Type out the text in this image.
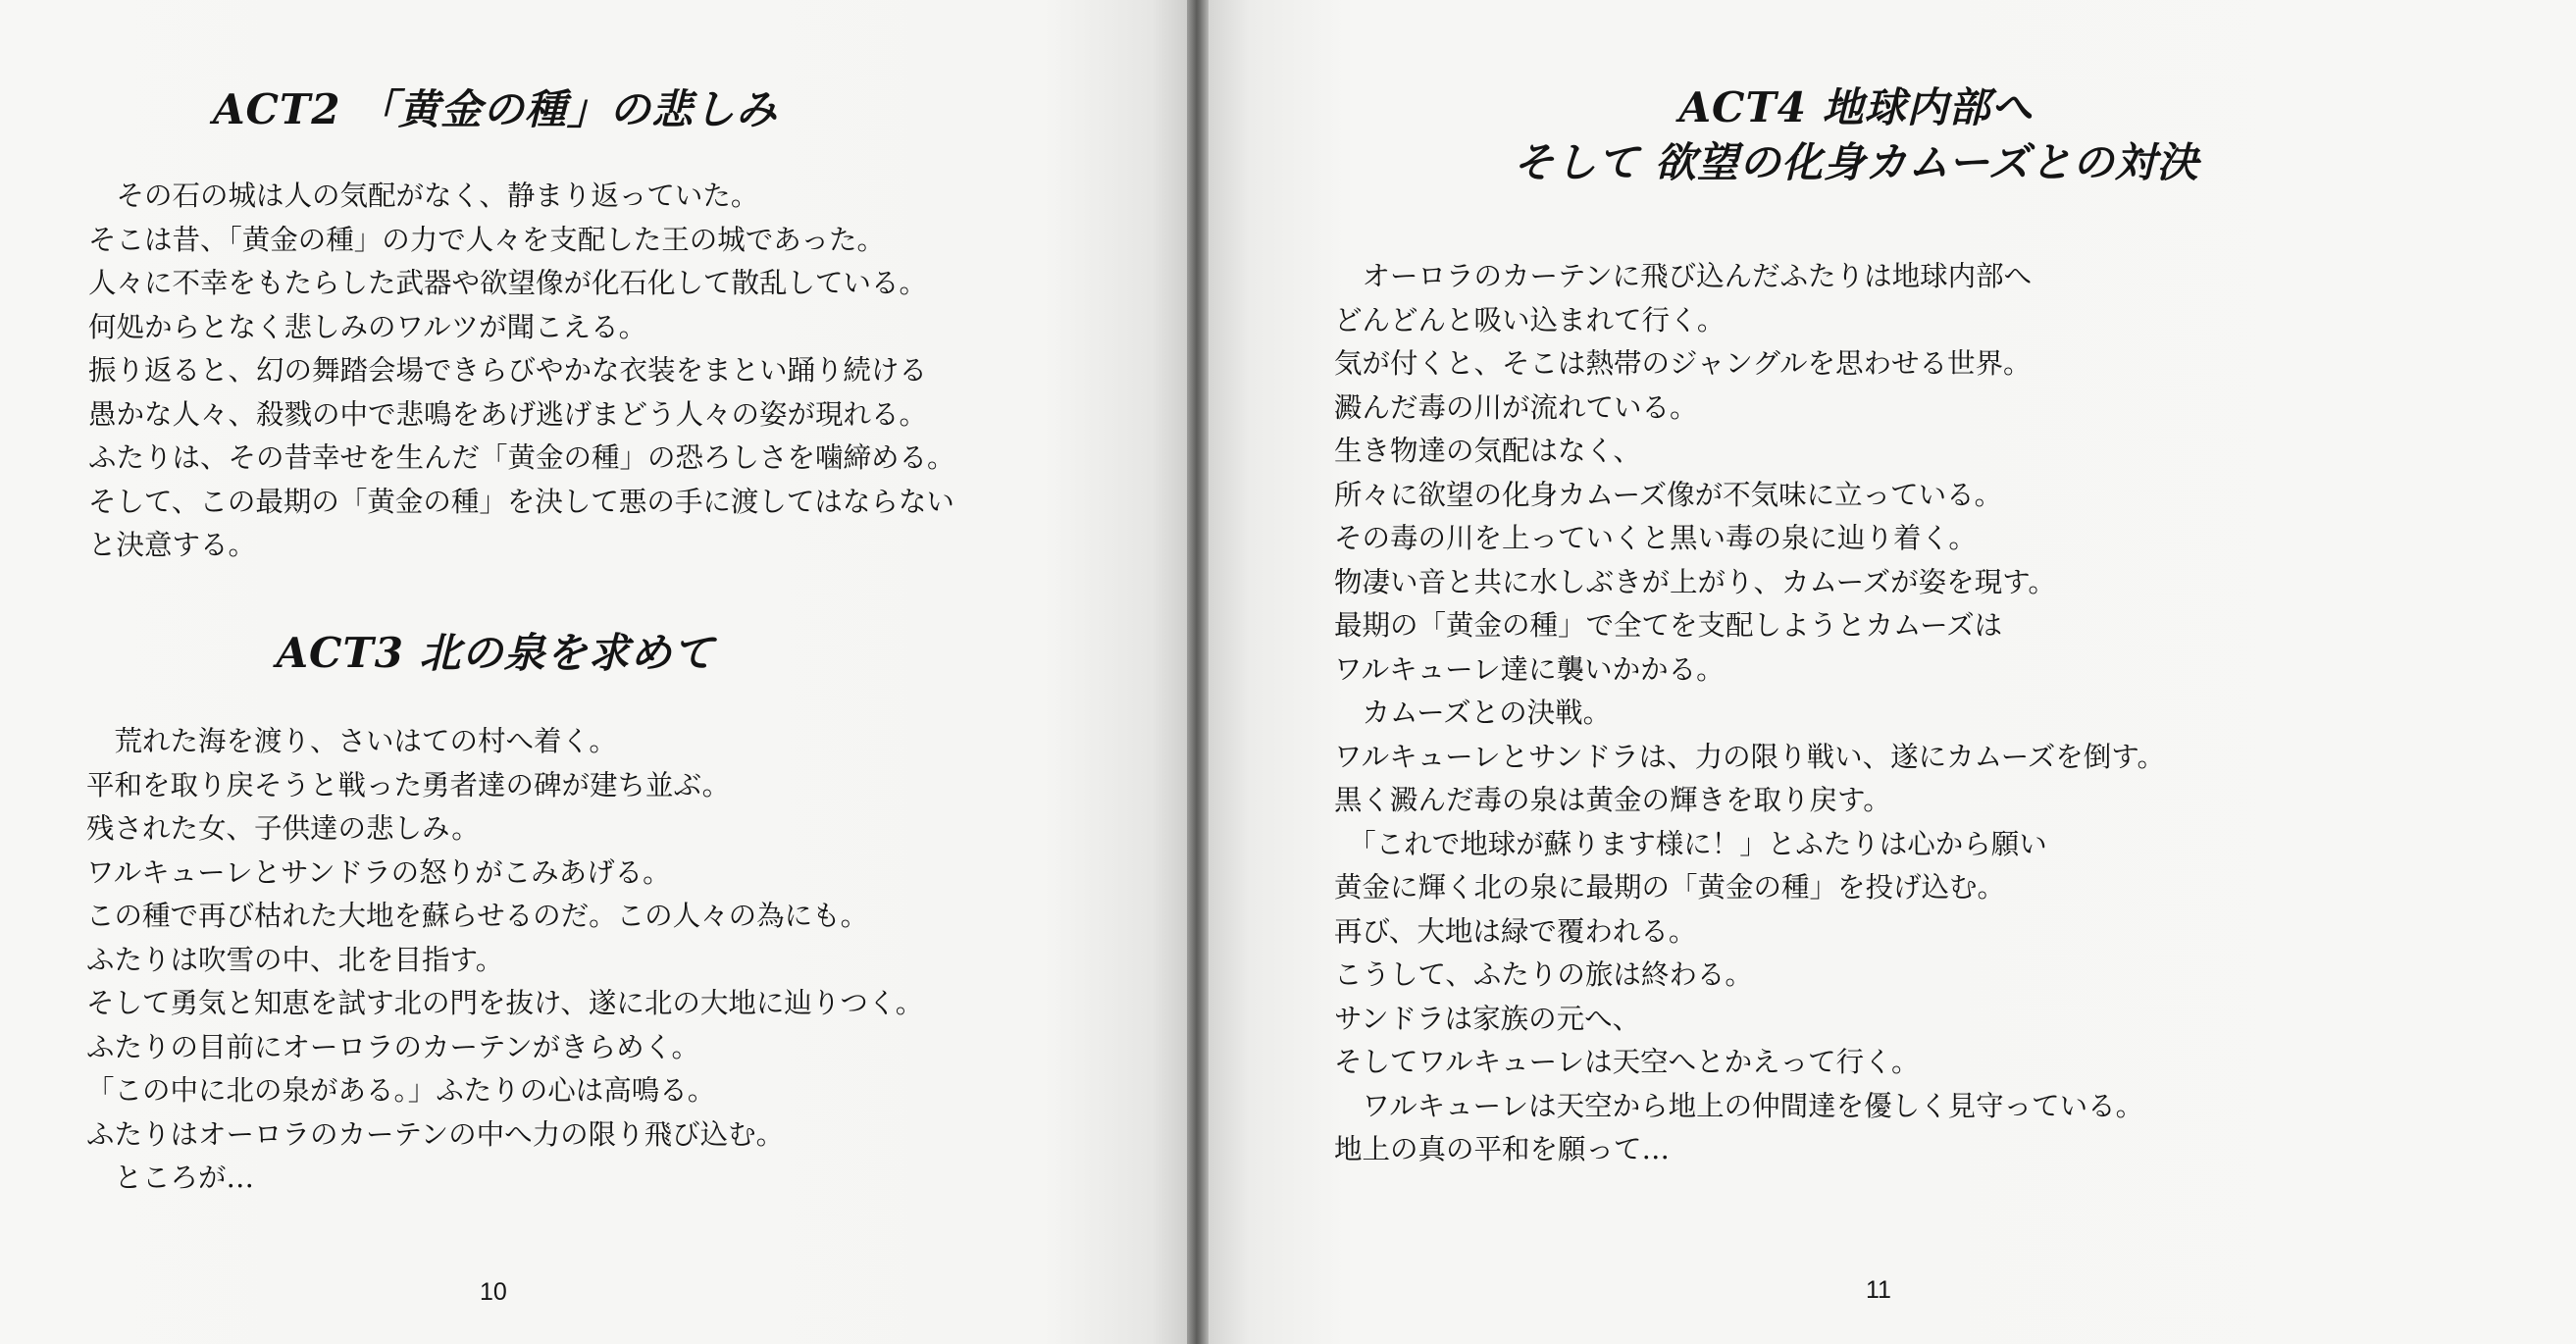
ACT2 「黄金の種」の悲しみ
　その石の城は人の気配がなく、静まり返っていた。
そこは昔、「黄金の種」の力で人々を支配した王の城であった。
人々に不幸をもたらした武器や欲望像が化石化して散乱している。
何処からとなく悲しみのワルツが聞こえる。
振り返ると、幻の舞踏会場できらびやかな衣装をまとい踊り続ける
愚かな人々、殺戮の中で悲鳴をあげ逃げまどう人々の姿が現れる。
ふたりは、その昔幸せを生んだ「黄金の種」の恐ろしさを噛締める。
そして、この最期の「黄金の種」を決して悪の手に渡してはならない
と決意する。
ACT3 北の泉を求めて
　荒れた海を渡り、さいはての村へ着く。
平和を取り戻そうと戦った勇者達の碑が建ち並ぶ。
残された女、子供達の悲しみ。
ワルキューレとサンドラの怒りがこみあげる。
この種で再び枯れた大地を蘇らせるのだ。この人々の為にも。
ふたりは吹雪の中、北を目指す。
そして勇気と知恵を試す北の門を抜け、遂に北の大地に辿りつく。
ふたりの目前にオーロラのカーテンがきらめく。
「この中に北の泉がある。」ふたりの心は高鳴る。
ふたりはオーロラのカーテンの中へ力の限り飛び込む。
　ところが…
10
ACT4 地球内部へ
そして 欲望の化身カムーズとの対決
　オーロラのカーテンに飛び込んだふたりは地球内部へ
どんどんと吸い込まれて行く。
気が付くと、そこは熱帯のジャングルを思わせる世界。
澱んだ毒の川が流れている。
生き物達の気配はなく、
所々に欲望の化身カムーズ像が不気味に立っている。
その毒の川を上っていくと黒い毒の泉に辿り着く。
物凄い音と共に水しぶきが上がり、カムーズが姿を現す。
最期の「黄金の種」で全てを支配しようとカムーズは
ワルキューレ達に襲いかかる。
　カムーズとの決戦。
ワルキューレとサンドラは、力の限り戦い、遂にカムーズを倒す。
黒く澱んだ毒の泉は黄金の輝きを取り戻す。
　「これで地球が蘇ります様に！」とふたりは心から願い
黄金に輝く北の泉に最期の「黄金の種」を投げ込む。
再び、大地は緑で覆われる。
こうして、ふたりの旅は終わる。
サンドラは家族の元へ、
そしてワルキューレは天空へとかえって行く。
　ワルキューレは天空から地上の仲間達を優しく見守っている。
地上の真の平和を願って…
11
